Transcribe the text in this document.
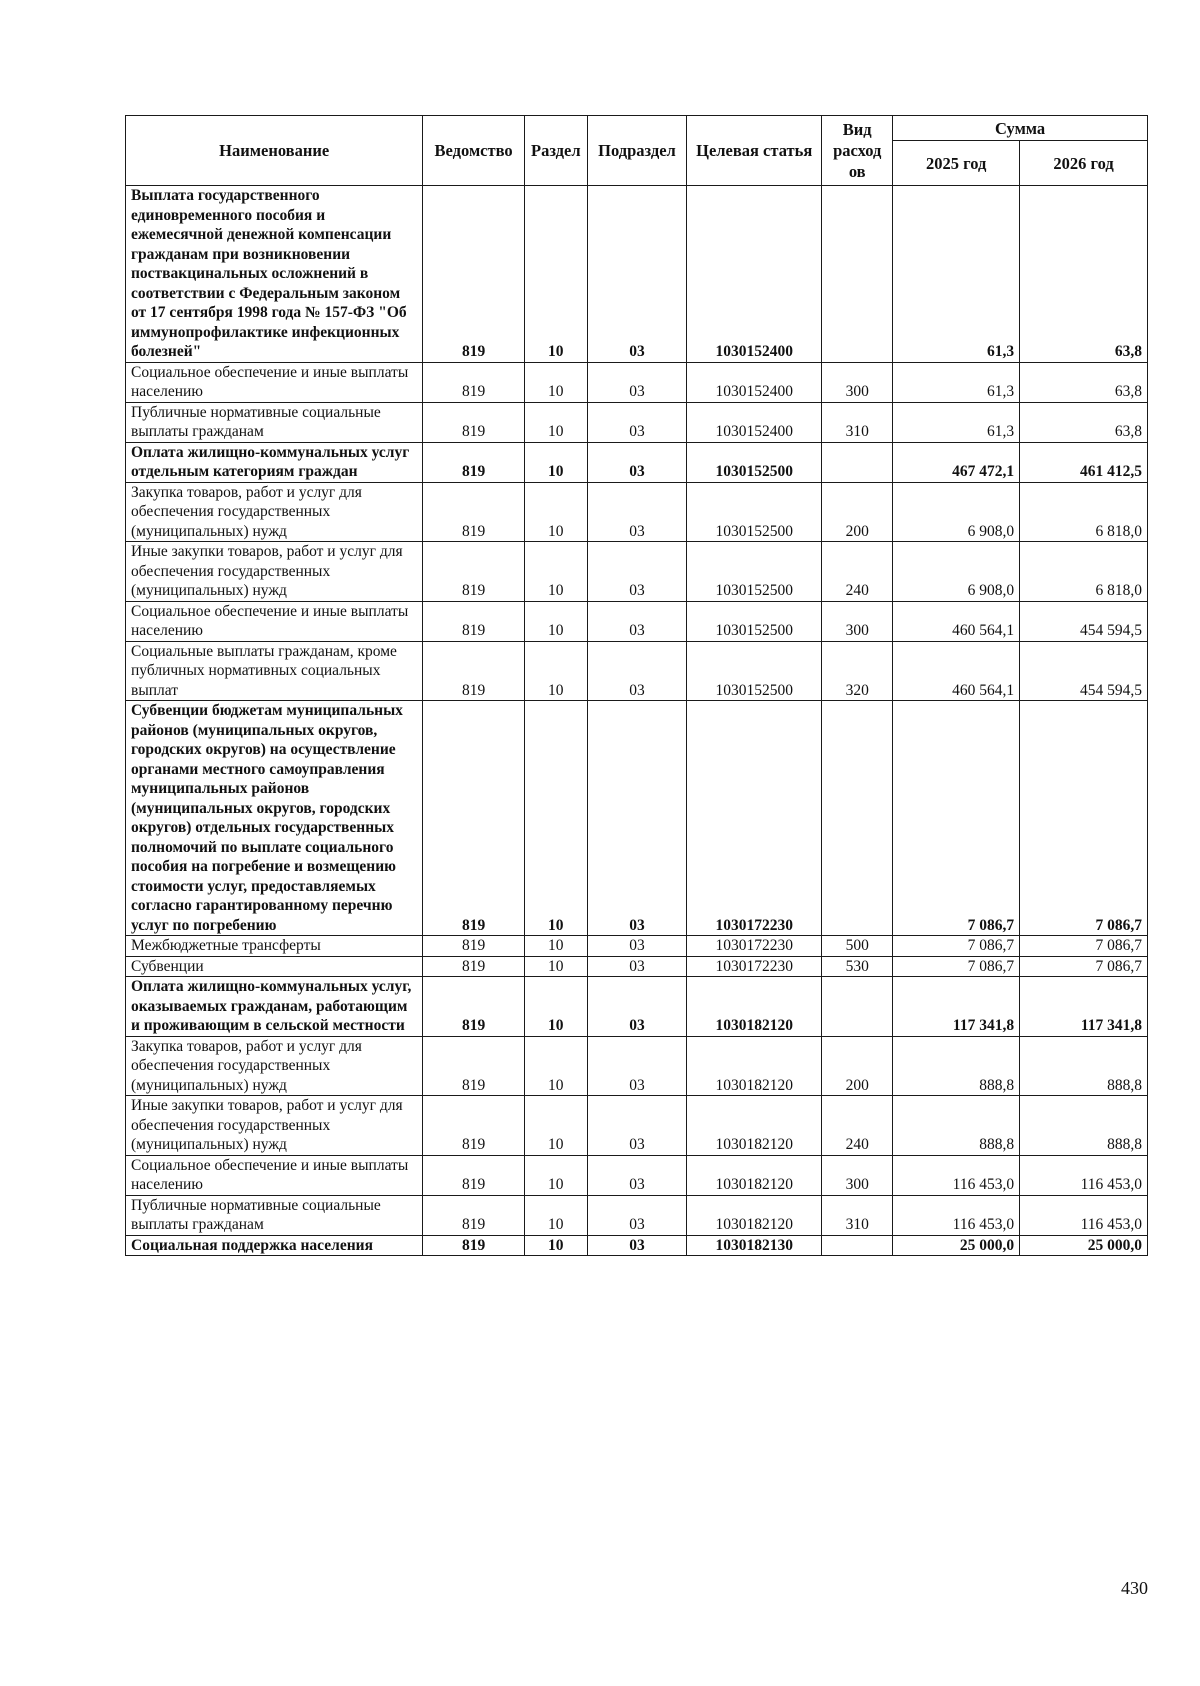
Наименование	Ведомство	Раздел	Подраздел	Целевая статья	Вид расход ов	Сумма	
						2025 год	2026 год
Выплата государственного единовременного пособия и ежемесячной денежной компенсации гражданам при возникновении поствакцинальных осложнений в соответствии с Федеральным законом от 17 сентября 1998 года № 157-ФЗ "Об иммунопрофилактике инфекционных болезней"	819	10	03	1030152400		61,3	63,8
Социальное обеспечение и иные выплаты населению	819	10	03	1030152400	300	61,3	63,8
Публичные нормативные социальные выплаты гражданам	819	10	03	1030152400	310	61,3	63,8
Оплата жилищно-коммунальных услуг отдельным категориям граждан	819	10	03	1030152500		467 472,1	461 412,5
Закупка товаров, работ и услуг для обеспечения государственных (муниципальных) нужд	819	10	03	1030152500	200	6 908,0	6 818,0
Иные закупки товаров, работ и услуг для обеспечения государственных (муниципальных) нужд	819	10	03	1030152500	240	6 908,0	6 818,0
Социальное обеспечение и иные выплаты населению	819	10	03	1030152500	300	460 564,1	454 594,5
Социальные выплаты гражданам, кроме публичных нормативных социальных выплат	819	10	03	1030152500	320	460 564,1	454 594,5
Субвенции бюджетам муниципальных районов (муниципальных округов, городских округов) на осуществление органами местного самоуправления муниципальных районов (муниципальных округов, городских округов) отдельных государственных полномочий по выплате социального пособия на погребение и возмещению стоимости услуг, предоставляемых согласно гарантированному перечню услуг по погребению	819	10	03	1030172230		7 086,7	7 086,7
Межбюджетные трансферты	819	10	03	1030172230	500	7 086,7	7 086,7
Субвенции	819	10	03	1030172230	530	7 086,7	7 086,7
Оплата жилищно-коммунальных услуг, оказываемых гражданам, работающим и проживающим в сельской местности	819	10	03	1030182120		117 341,8	117 341,8
Закупка товаров, работ и услуг для обеспечения государственных (муниципальных) нужд	819	10	03	1030182120	200	888,8	888,8
Иные закупки товаров, работ и услуг для обеспечения государственных (муниципальных) нужд	819	10	03	1030182120	240	888,8	888,8
Социальное обеспечение и иные выплаты населению	819	10	03	1030182120	300	116 453,0	116 453,0
Публичные нормативные социальные выплаты гражданам	819	10	03	1030182120	310	116 453,0	116 453,0
Социальная поддержка населения	819	10	03	1030182130		25 000,0	25 000,0
430
